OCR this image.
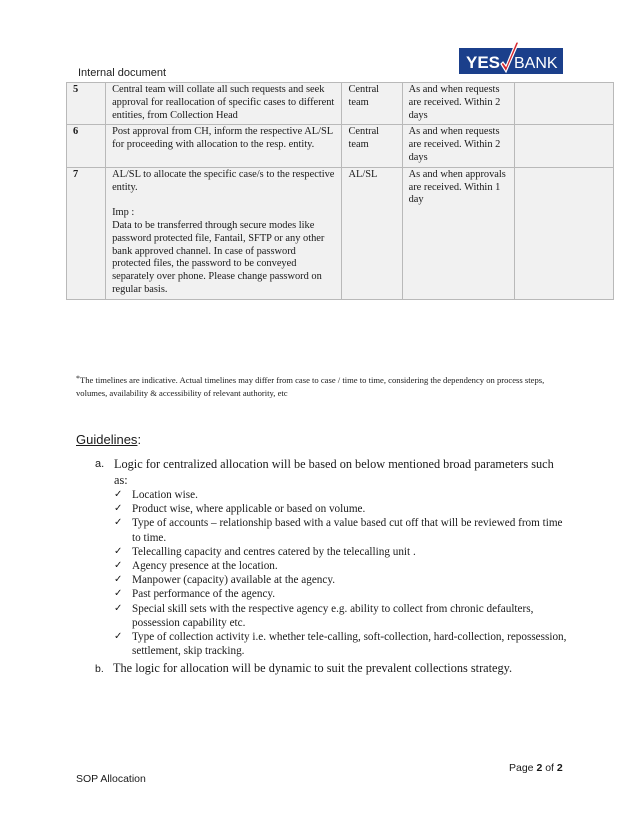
Internal document
YES BANK
5	Central team will collate all such requests and seek approval for reallocation of specific cases to different entities, from Collection Head	Central team	As and when requests are received. Within 2 days	
6	Post approval from CH, inform the respective AL/SL for proceeding with allocation to the resp. entity.	Central team	As and when requests are received. Within 2 days	
7	AL/SL to allocate the specific case/s to the respective entity.
Imp :
Data to be transferred through secure modes like password protected file, Fantail, SFTP or any other bank approved channel. In case of password protected files, the password to be conveyed separately over phone. Please change password on regular basis.	AL/SL	As and when approvals are received. Within 1 day	
*The timelines are indicative. Actual timelines may differ from case to case / time to time, considering the dependency on process steps, volumes, availability & accessibility of relevant authority, etc
Guidelines:
a. Logic for centralized allocation will be based on below mentioned broad parameters such as:
✓ Location wise.
✓ Product wise, where applicable or based on volume.
✓ Type of accounts – relationship based with a value based cut off that will be reviewed from time to time.
✓ Telecalling capacity and centres catered by the telecalling unit .
✓ Agency presence at the location.
✓ Manpower (capacity) available at the agency.
✓ Past performance of the agency.
✓ Special skill sets with the respective agency e.g. ability to collect from chronic defaulters, possession capability etc.
✓ Type of collection activity i.e. whether tele-calling, soft-collection, hard-collection, repossession, settlement, skip tracking.
b. The logic for allocation will be dynamic to suit the prevalent collections strategy.
Page 2 of 2
SOP Allocation
